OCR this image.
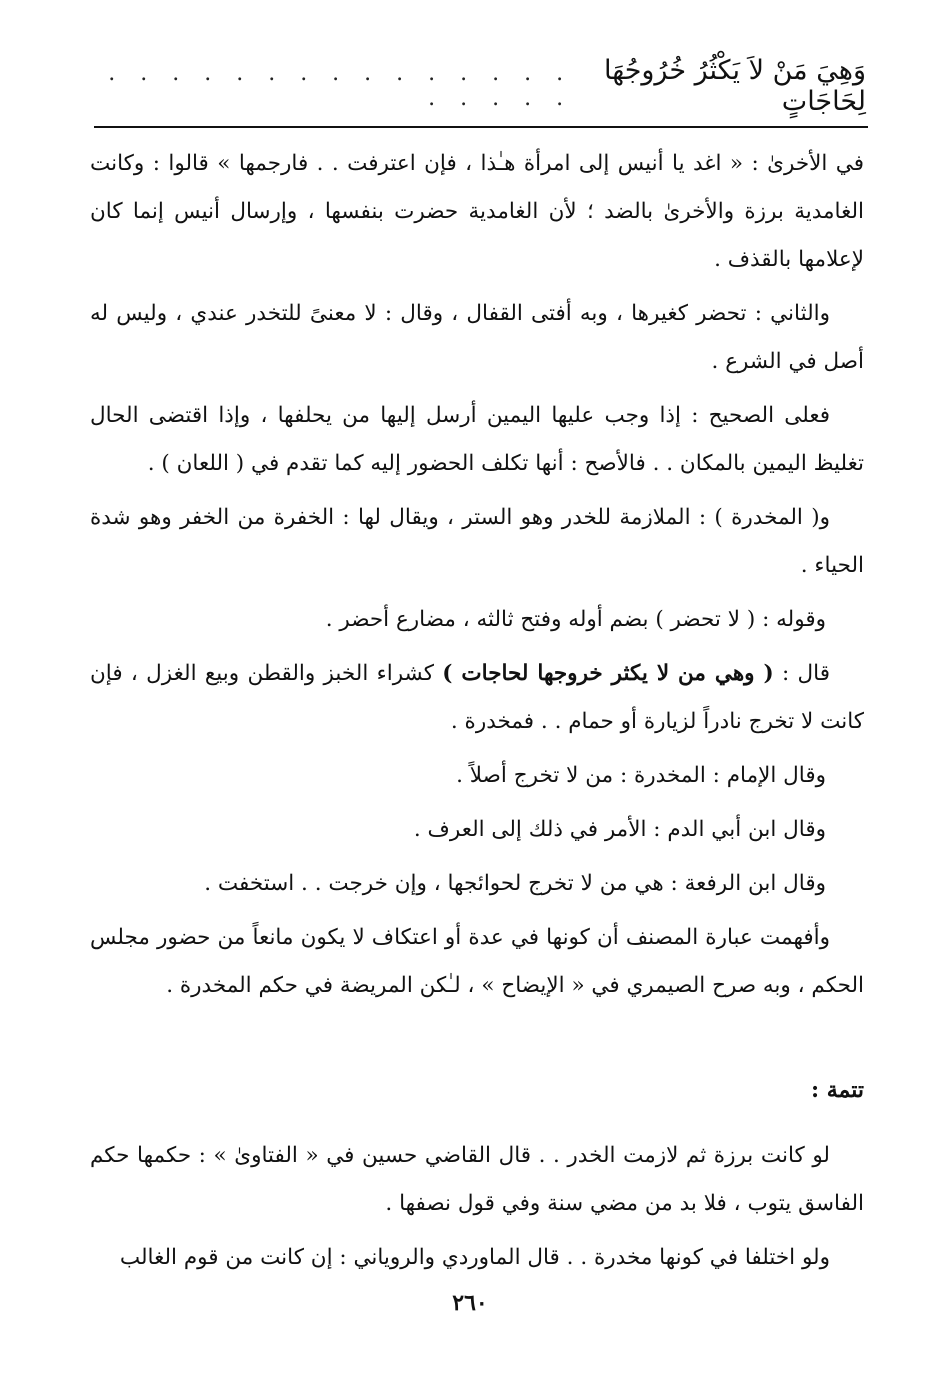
وَهِيَ مَنْ لاَ يَكْثُرُ خُرُوجُهَا لِحَاجَاتٍ
. . . . . . . . . . . . . . . . . . . .

في الأخرىٰ : « اغد يا أنيس إلى امرأة هـٰذا ، فإن اعترفت . . فارجمها » قالوا : وكانت الغامدية برزة والأخرىٰ بالضد ؛ لأن الغامدية حضرت بنفسها ، وإرسال أنيس إنما كان لإعلامها بالقذف .

والثاني : تحضر كغيرها ، وبه أفتى القفال ، وقال : لا معنىً للتخدر عندي ، وليس له أصل في الشرع .

فعلى الصحيح : إذا وجب عليها اليمين أرسل إليها من يحلفها ، وإذا اقتضى الحال تغليظ اليمين بالمكان . . فالأصح : أنها تكلف الحضور إليه كما تقدم في ( اللعان ) .

و( المخدرة ) : الملازمة للخدر وهو الستر ، ويقال لها : الخفرة من الخفر وهو شدة الحياء .

وقوله : ( لا تحضر ) بضم أوله وفتح ثالثه ، مضارع أحضر .

قال : ( وهي من لا يكثر خروجها لحاجات ) كشراء الخبز والقطن وبيع الغزل ، فإن كانت لا تخرج نادراً لزيارة أو حمام . . فمخدرة .

وقال الإمام : المخدرة : من لا تخرج أصلاً .

وقال ابن أبي الدم : الأمر في ذلك إلى العرف .

وقال ابن الرفعة : هي من لا تخرج لحوائجها ، وإن خرجت . . استخفت .

وأفهمت عبارة المصنف أن كونها في عدة أو اعتكاف لا يكون مانعاً من حضور مجلس الحكم ، وبه صرح الصيمري في « الإيضاح » ، لـٰكن المريضة في حكم المخدرة .

تتمة :

لو كانت برزة ثم لازمت الخدر . . قال القاضي حسين في « الفتاوىٰ » : حكمها حكم الفاسق يتوب ، فلا بد من مضي سنة وفي قول نصفها .

ولو اختلفا في كونها مخدرة . . قال الماوردي والروياني : إن كانت من قوم الغالب

٢٦٠
